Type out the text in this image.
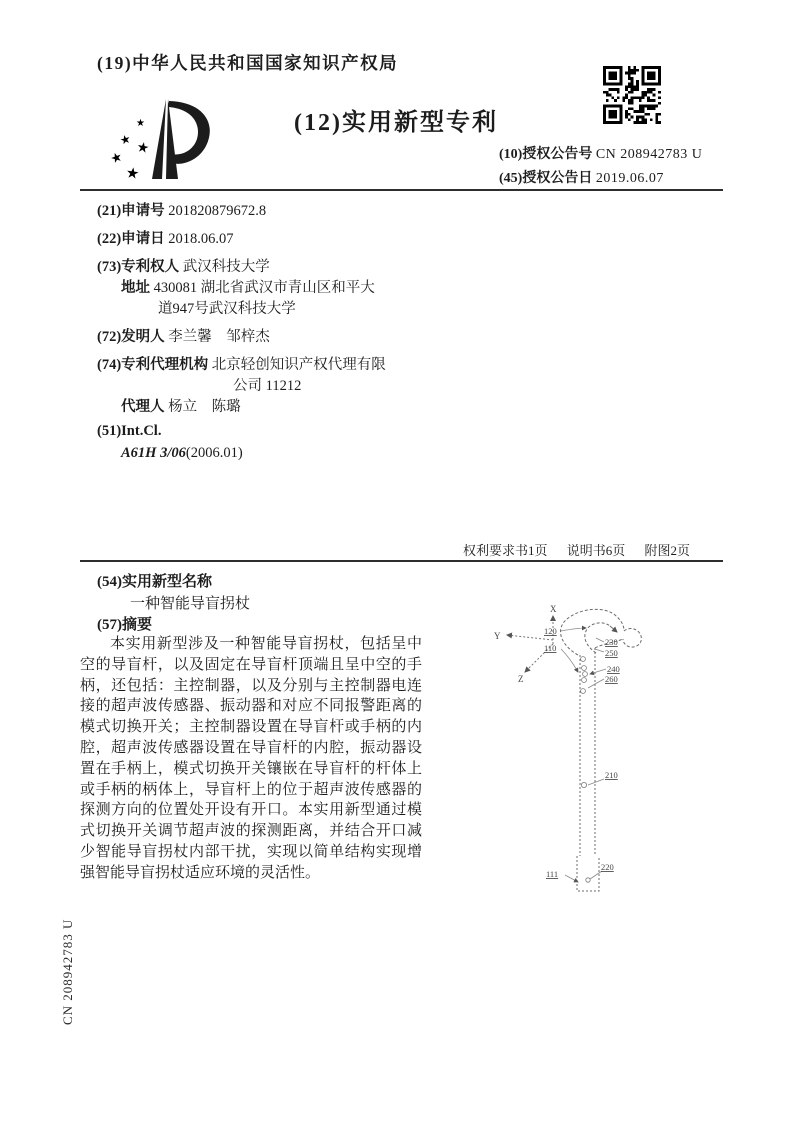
(19)中华人民共和国国家知识产权局
★
★
★
★
★
(12)实用新型专利
(10)授权公告号 CN 208942783 U
(45)授权公告日 2019.06.07
(21)申请号 201820879672.8
(22)申请日 2018.06.07
(73)专利权人 武汉科技大学
地址 430081 湖北省武汉市青山区和平大
道947号武汉科技大学
(72)发明人 李兰馨　邹梓杰
(74)专利代理机构 北京轻创知识产权代理有限
公司 11212
代理人 杨立　陈璐
(51)Int.Cl.
A61H 3/06(2006.01)
权利要求书1页 说明书6页 附图2页
(54)实用新型名称
一种智能导盲拐杖
(57)摘要
本实用新型涉及一种智能导盲拐杖，包括呈中空的导盲杆，以及固定在导盲杆顶端且呈中空的手柄，还包括：主控制器，以及分别与主控制器电连接的超声波传感器、振动器和对应不同报警距离的模式切换开关；主控制器设置在导盲杆或手柄的内腔，超声波传感器设置在导盲杆的内腔，振动器设置在手柄上，模式切换开关镶嵌在导盲杆的杆体上或手柄的柄体上，导盲杆上的位于超声波传感器的探测方向的位置处开设有开口。本实用新型通过模式切换开关调节超声波的探测距离，并结合开口减少智能导盲拐杖内部干扰，实现以简单结构实现增强智能导盲拐杖适应环境的灵活性。
X
Y
Z
120
110
230
250
240
260
210
111
220
CN 208942783 U
